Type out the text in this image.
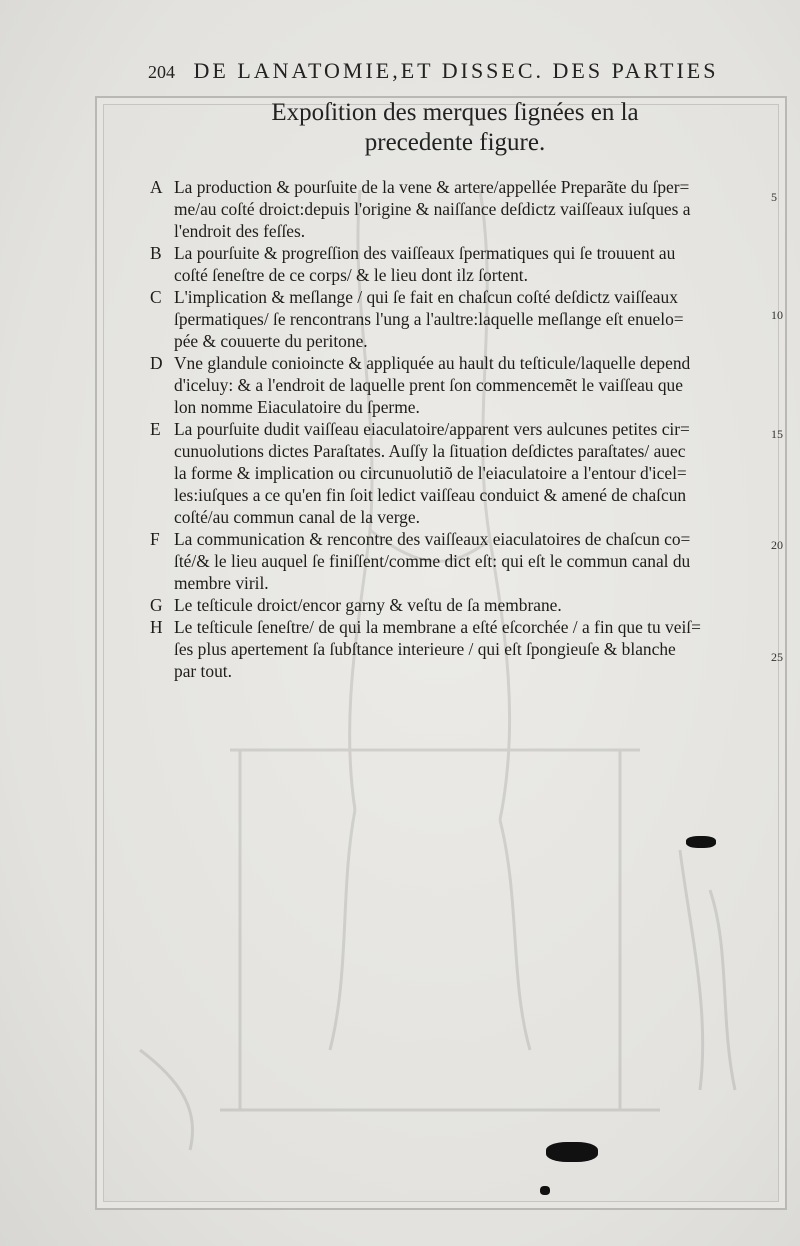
204 DE LANATOMIE,ET DISSEC. DES PARTIES
Expoſition des merques ſignées en la
precedente figure.
A La production & pourſuite de la vene & artere/appellée Preparãte du ſper=
me/au coſté droict:depuis l'origine & naiſſance deſdictz vaiſſeaux iuſques a
l'endroit des feſſes.
B La pourſuite & progreſſion des vaiſſeaux ſpermatiques qui ſe trouuent au
coſté ſeneſtre de ce corps/ & le lieu dont ilz ſortent.
C L'implication & meſlange / qui ſe fait en chaſcun coſté deſdictz vaiſſeaux
ſpermatiques/ ſe rencontrans l'ung a l'aultre:laquelle meſlange eſt enuelo=
pée & couuerte du peritone.
D Vne glandule conioincte & appliquée au hault du teſticule/laquelle depend
d'iceluy: & a l'endroit de laquelle prent ſon commencemẽt le vaiſſeau que
lon nomme Eiaculatoire du ſperme.
E La pourſuite dudit vaiſſeau eiaculatoire/apparent vers aulcunes petites cir=
cunuolutions dictes Paraſtates. Auſſy la ſituation deſdictes paraſtates/ auec
la forme & implication ou circunuolutiõ de l'eiaculatoire a l'entour d'icel=
les:iuſques a ce qu'en fin ſoit ledict vaiſſeau conduict & amené de chaſcun
coſté/au commun canal de la verge.
F La communication & rencontre des vaiſſeaux eiaculatoires de chaſcun co=
ſté/& le lieu auquel ſe finiſſent/comme dict eſt: qui eſt le commun canal du
membre viril.
G Le teſticule droict/encor garny & veſtu de ſa membrane.
H Le teſticule ſeneſtre/ de qui la membrane a eſté eſcorchée / a fin que tu veiſ=
ſes plus apertement ſa ſubſtance interieure / qui eſt ſpongieuſe & blanche
par tout.
5
10
15
20
25
